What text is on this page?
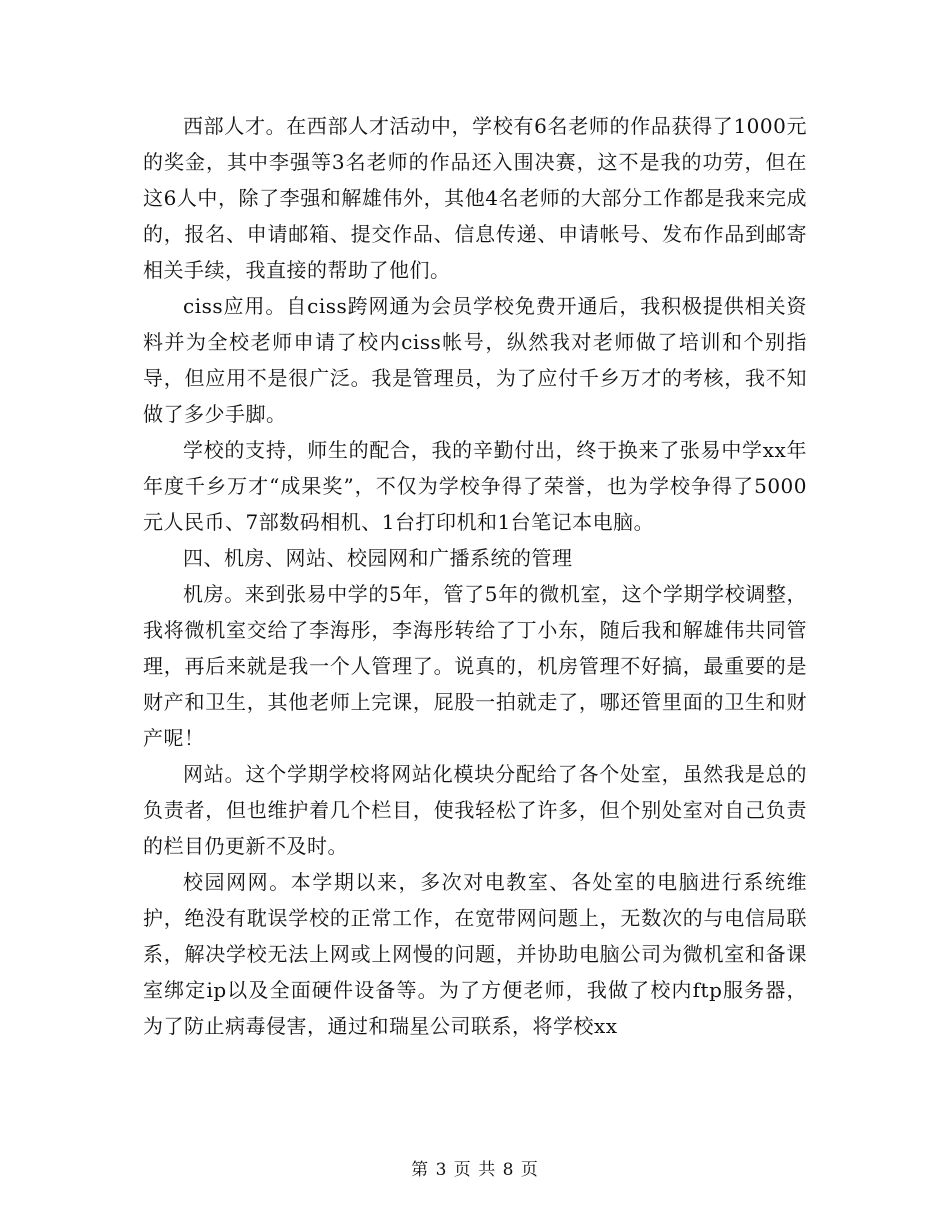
西部人才。在西部人才活动中，学校有6名老师的作品获得了1000元的奖金，其中李强等3名老师的作品还入围决赛，这不是我的功劳，但在这6人中，除了李强和解雄伟外，其他4名老师的大部分工作都是我来完成的，报名、申请邮箱、提交作品、信息传递、申请帐号、发布作品到邮寄相关手续，我直接的帮助了他们。

ciss应用。自ciss跨网通为会员学校免费开通后，我积极提供相关资料并为全校老师申请了校内ciss帐号，纵然我对老师做了培训和个别指导，但应用不是很广泛。我是管理员，为了应付千乡万才的考核，我不知做了多少手脚。

学校的支持，师生的配合，我的辛勤付出，终于换来了张易中学xx年年度千乡万才“成果奖”，不仅为学校争得了荣誉，也为学校争得了5000元人民币、7部数码相机、1台打印机和1台笔记本电脑。

四、机房、网站、校园网和广播系统的管理

机房。来到张易中学的5年，管了5年的微机室，这个学期学校调整，我将微机室交给了李海彤，李海彤转给了丁小东，随后我和解雄伟共同管理，再后来就是我一个人管理了。说真的，机房管理不好搞，最重要的是财产和卫生，其他老师上完课，屁股一拍就走了，哪还管里面的卫生和财产呢！

网站。这个学期学校将网站化模块分配给了各个处室，虽然我是总的负责者，但也维护着几个栏目，使我轻松了许多，但个别处室对自己负责的栏目仍更新不及时。

校园网网。本学期以来，多次对电教室、各处室的电脑进行系统维护，绝没有耽误学校的正常工作，在宽带网问题上，无数次的与电信局联系，解决学校无法上网或上网慢的问题，并协助电脑公司为微机室和备课室绑定ip以及全面硬件设备等。为了方便老师，我做了校内ftp服务器，为了防止病毒侵害，通过和瑞星公司联系，将学校xx

第 3 页 共 8 页
